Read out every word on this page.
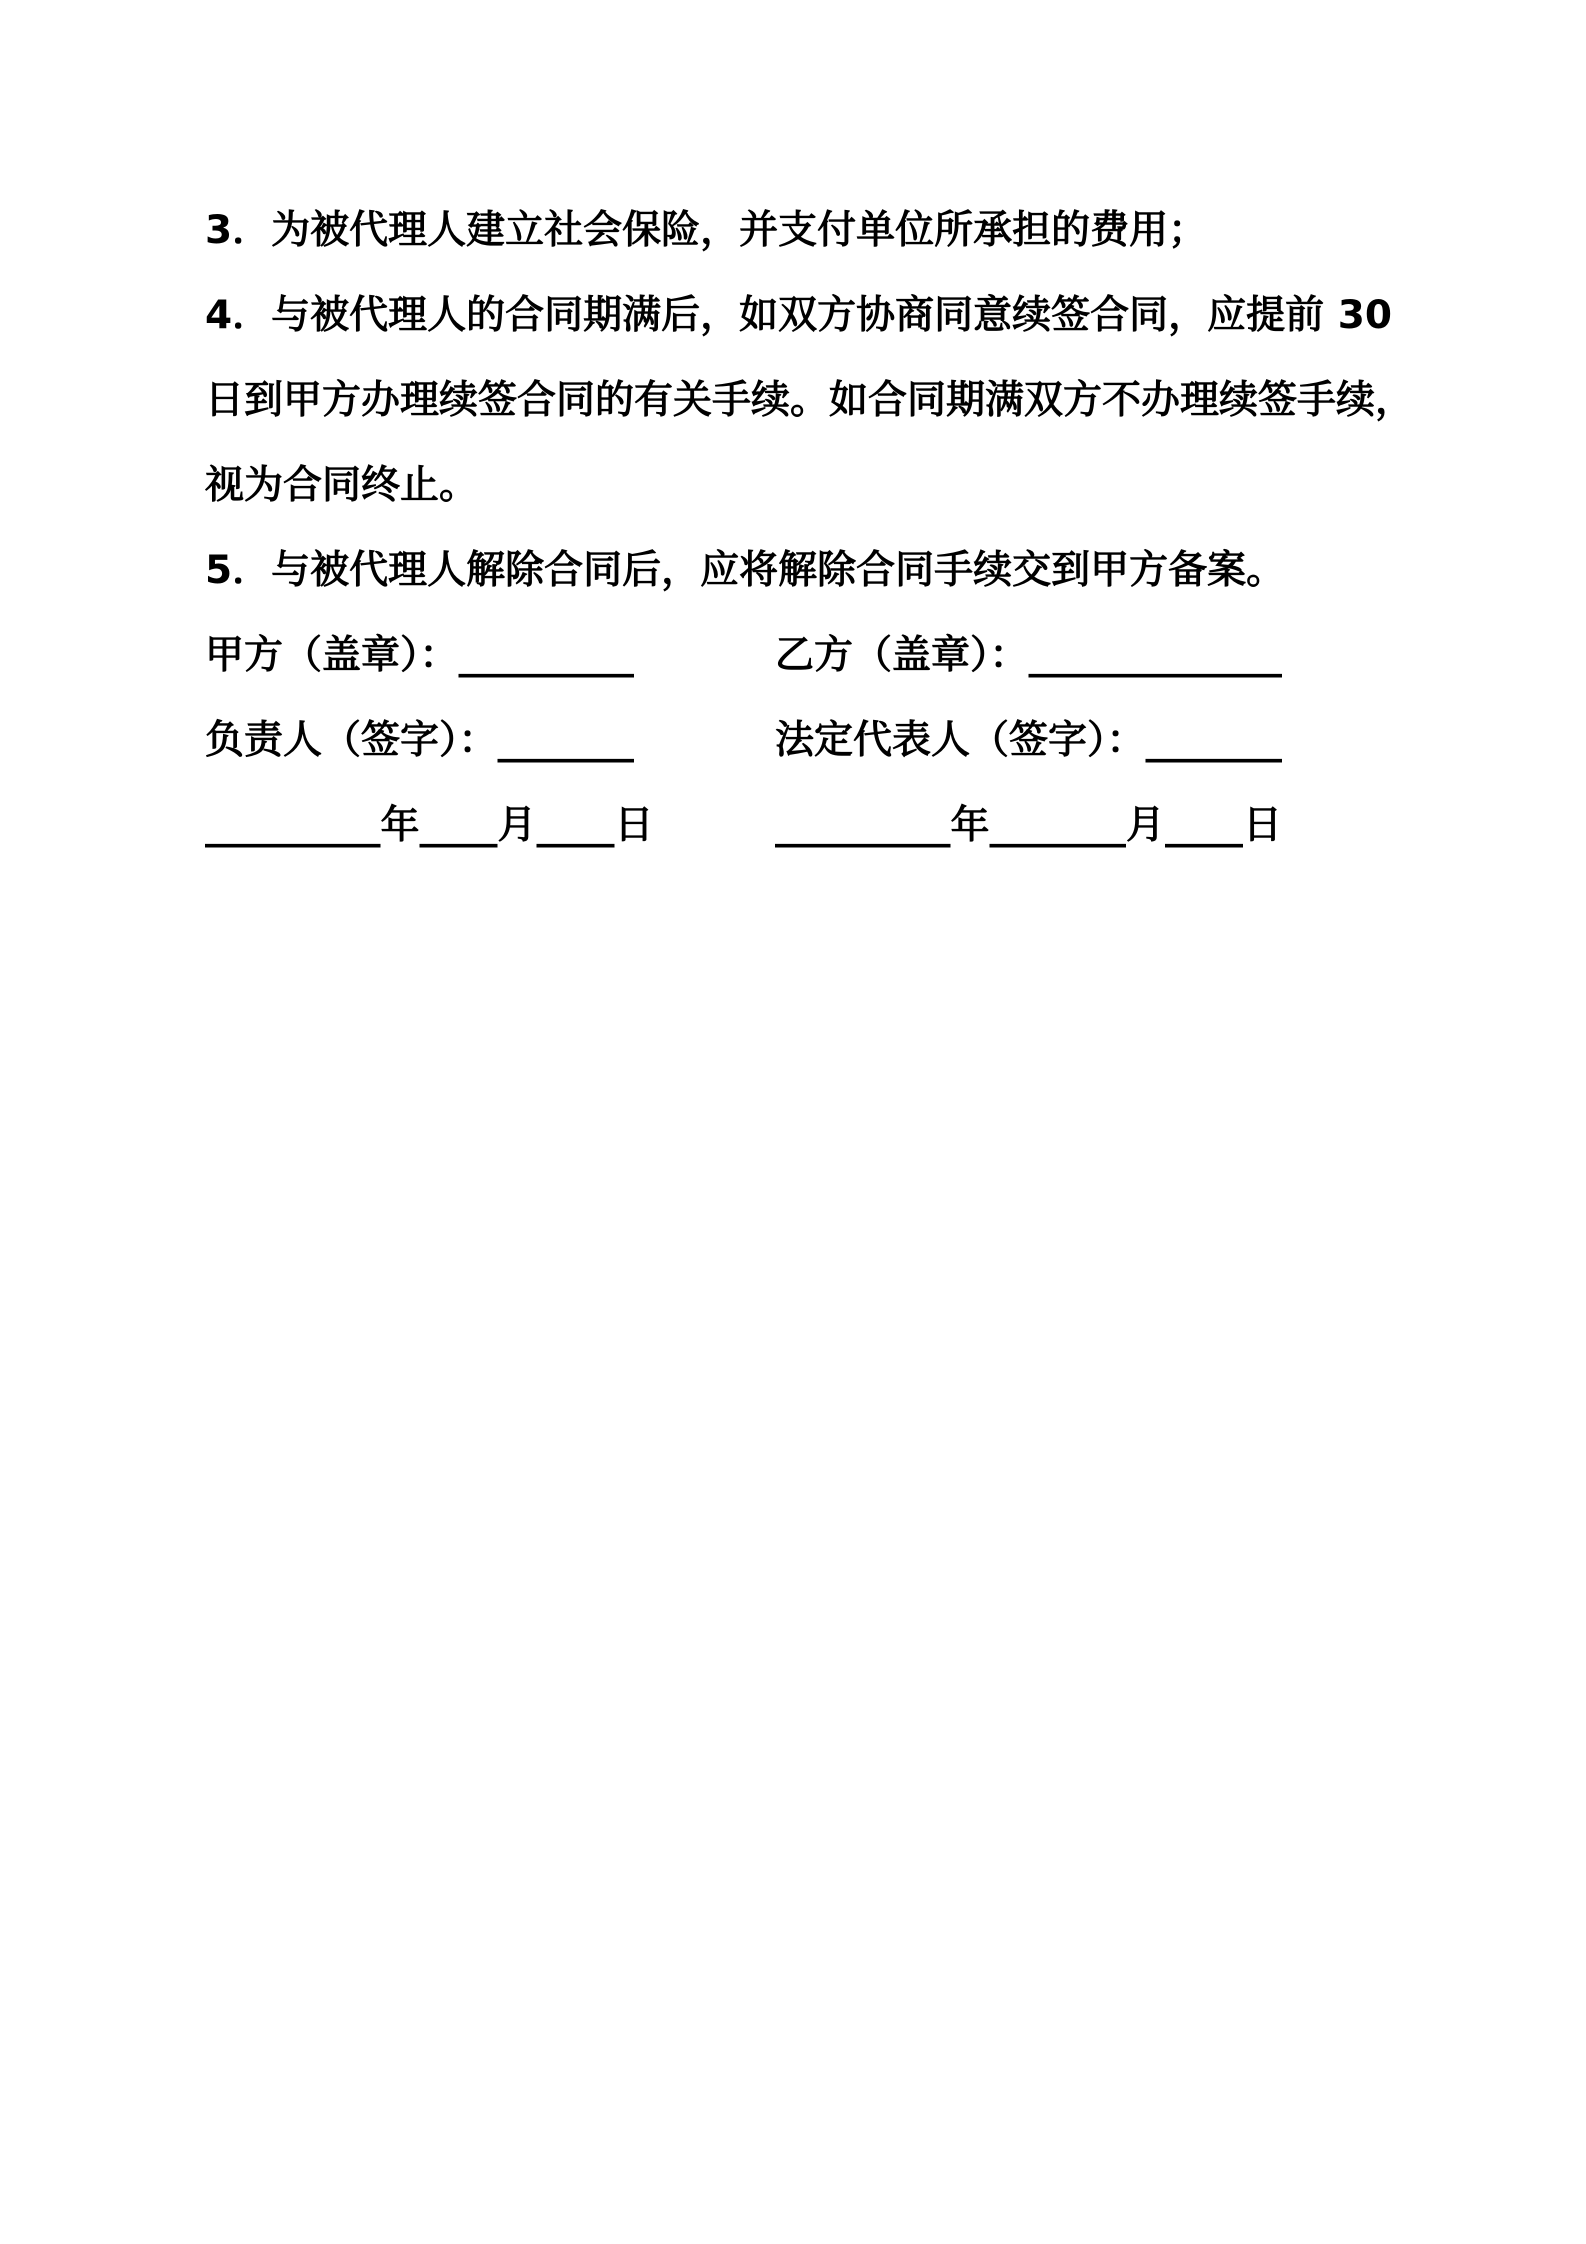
3．为被代理人建立社会保险，并支付单位所承担的费用；

4．与被代理人的合同期满后，如双方协商同意续签合同，应提前 30

日到甲方办理续签合同的有关手续。如合同期满双方不办理续签手续，

视为合同终止。

5．与被代理人解除合同后，应将解除合同手续交到甲方备案。

甲方（盖章）：_________	乙方（盖章）：_____________
负责人（签字）：_______	法定代表人（签字）：_______
_________年____月____日	_________年_______月____日
